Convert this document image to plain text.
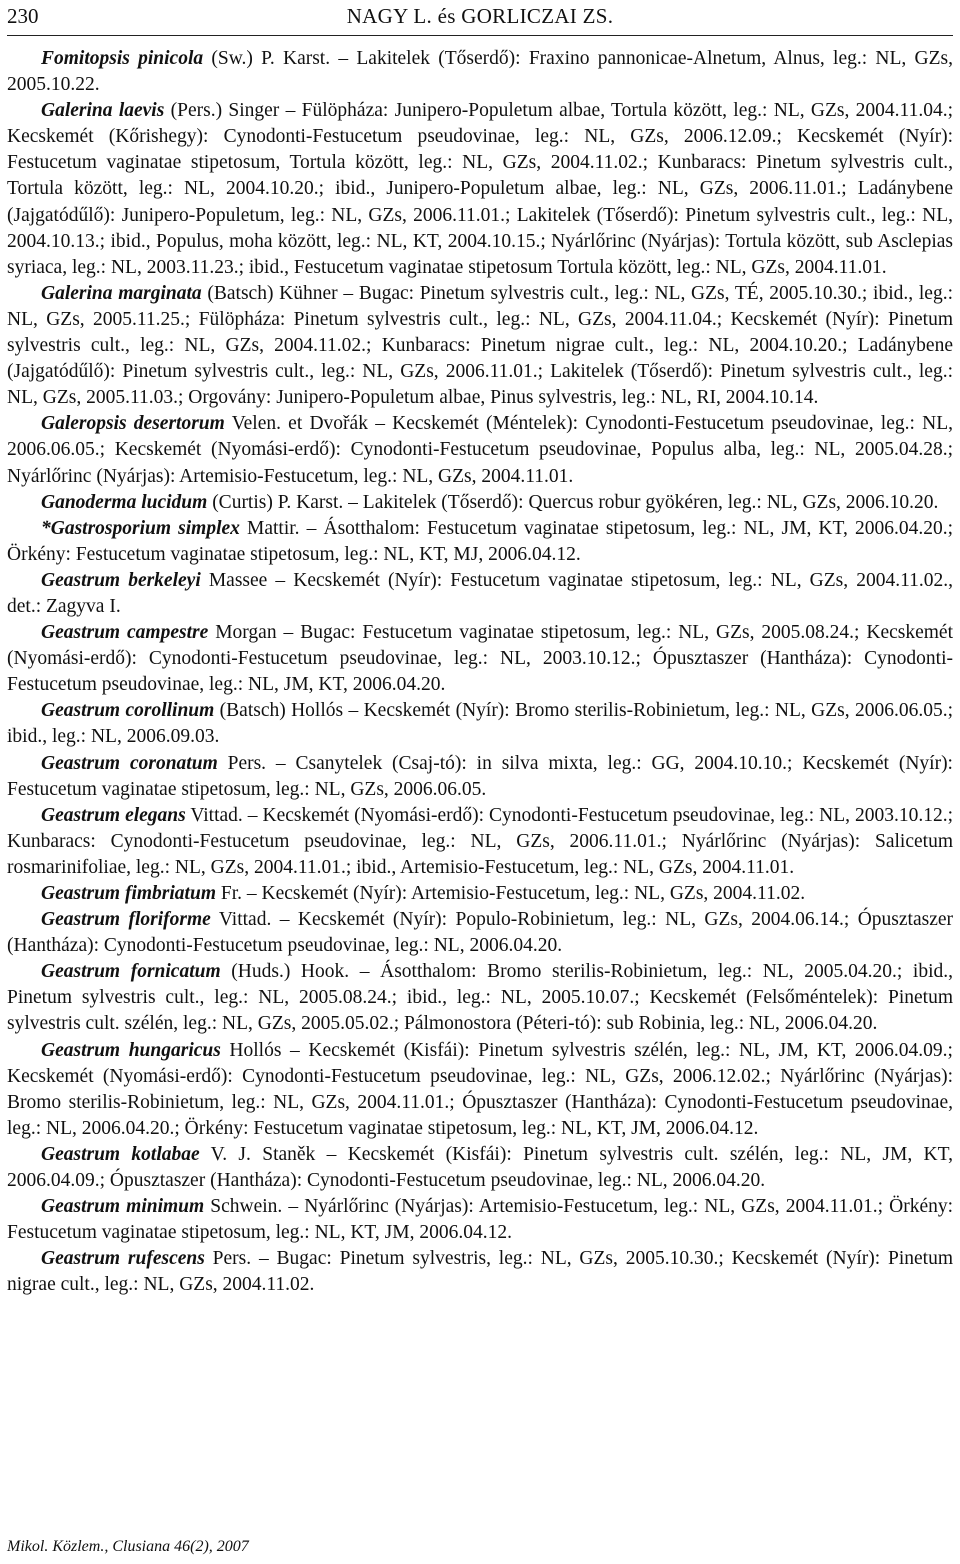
230	NAGY L. és GORLICZAI ZS.

Fomitopsis pinicola (Sw.) P. Karst. – Lakitelek (Tőserdő): Fraxino pannonicae-Alnetum, Alnus, leg.: NL, GZs, 2005.10.22.

Galerina laevis (Pers.) Singer – Fülöpháza: Junipero-Populetum albae, Tortula között, leg.: NL, GZs, 2004.11.04.; Kecskemét (Kőrishegy): Cynodonti-Festucetum pseudovinae, leg.: NL, GZs, 2006.12.09.; Kecskemét (Nyír): Festucetum vaginatae stipetosum, Tortula között, leg.: NL, GZs, 2004.11.02.; Kunbaracs: Pinetum sylvestris cult., Tortula között, leg.: NL, 2004.10.20.; ibid., Junipero-Populetum albae, leg.: NL, GZs, 2006.11.01.; Ladánybene (Jajgatódűlő): Junipero-Populetum, leg.: NL, GZs, 2006.11.01.; Lakitelek (Tőserdő): Pinetum sylvestris cult., leg.: NL, 2004.10.13.; ibid., Populus, moha között, leg.: NL, KT, 2004.10.15.; Nyárlőrinc (Nyárjas): Tortula között, sub Asclepias syriaca, leg.: NL, 2003.11.23.; ibid., Festucetum vaginatae stipetosum Tortula között, leg.: NL, GZs, 2004.11.01.

Galerina marginata (Batsch) Kühner – Bugac: Pinetum sylvestris cult., leg.: NL, GZs, TÉ, 2005.10.30.; ibid., leg.: NL, GZs, 2005.11.25.; Fülöpháza: Pinetum sylvestris cult., leg.: NL, GZs, 2004.11.04.; Kecskemét (Nyír): Pinetum sylvestris cult., leg.: NL, GZs, 2004.11.02.; Kunbaracs: Pinetum nigrae cult., leg.: NL, 2004.10.20.; Ladánybene (Jajgatódűlő): Pinetum sylvestris cult., leg.: NL, GZs, 2006.11.01.; Lakitelek (Tőserdő): Pinetum sylvestris cult., leg.: NL, GZs, 2005.11.03.; Orgovány: Junipero-Populetum albae, Pinus sylvestris, leg.: NL, RI, 2004.10.14.

Galeropsis desertorum Velen. et Dvořák – Kecskemét (Méntelek): Cynodonti-Festucetum pseudovinae, leg.: NL, 2006.06.05.; Kecskemét (Nyomási-erdő): Cynodonti-Festucetum pseudovinae, Populus alba, leg.: NL, 2005.04.28.; Nyárlőrinc (Nyárjas): Artemisio-Festucetum, leg.: NL, GZs, 2004.11.01.

Ganoderma lucidum (Curtis) P. Karst. – Lakitelek (Tőserdő): Quercus robur gyökéren, leg.: NL, GZs, 2006.10.20.

*Gastrosporium simplex Mattir. – Ásotthalom: Festucetum vaginatae stipetosum, leg.: NL, JM, KT, 2006.04.20.; Örkény: Festucetum vaginatae stipetosum, leg.: NL, KT, MJ, 2006.04.12.

Geastrum berkeleyi Massee – Kecskemét (Nyír): Festucetum vaginatae stipetosum, leg.: NL, GZs, 2004.11.02., det.: Zagyva I.

Geastrum campestre Morgan – Bugac: Festucetum vaginatae stipetosum, leg.: NL, GZs, 2005.08.24.; Kecskemét (Nyomási-erdő): Cynodonti-Festucetum pseudovinae, leg.: NL, 2003.10.12.; Ópusztaszer (Hantháza): Cynodonti-Festucetum pseudovinae, leg.: NL, JM, KT, 2006.04.20.

Geastrum corollinum (Batsch) Hollós – Kecskemét (Nyír): Bromo sterilis-Robinietum, leg.: NL, GZs, 2006.06.05.; ibid., leg.: NL, 2006.09.03.

Geastrum coronatum Pers. – Csanytelek (Csaj-tó): in silva mixta, leg.: GG, 2004.10.10.; Kecskemét (Nyír): Festucetum vaginatae stipetosum, leg.: NL, GZs, 2006.06.05.

Geastrum elegans Vittad. – Kecskemét (Nyomási-erdő): Cynodonti-Festucetum pseudovinae, leg.: NL, 2003.10.12.; Kunbaracs: Cynodonti-Festucetum pseudovinae, leg.: NL, GZs, 2006.11.01.; Nyárlőrinc (Nyárjas): Salicetum rosmarinifoliae, leg.: NL, GZs, 2004.11.01.; ibid., Artemisio-Festucetum, leg.: NL, GZs, 2004.11.01.

Geastrum fimbriatum Fr. – Kecskemét (Nyír): Artemisio-Festucetum, leg.: NL, GZs, 2004.11.02.

Geastrum floriforme Vittad. – Kecskemét (Nyír): Populo-Robinietum, leg.: NL, GZs, 2004.06.14.; Ópusztaszer (Hantháza): Cynodonti-Festucetum pseudovinae, leg.: NL, 2006.04.20.

Geastrum fornicatum (Huds.) Hook. – Ásotthalom: Bromo sterilis-Robinietum, leg.: NL, 2005.04.20.; ibid., Pinetum sylvestris cult., leg.: NL, 2005.08.24.; ibid., leg.: NL, 2005.10.07.; Kecskemét (Felsőméntelek): Pinetum sylvestris cult. szélén, leg.: NL, GZs, 2005.05.02.; Pálmonostora (Péteri-tó): sub Robinia, leg.: NL, 2006.04.20.

Geastrum hungaricus Hollós – Kecskemét (Kisfái): Pinetum sylvestris szélén, leg.: NL, JM, KT, 2006.04.09.; Kecskemét (Nyomási-erdő): Cynodonti-Festucetum pseudovinae, leg.: NL, GZs, 2006.12.02.; Nyárlőrinc (Nyárjas): Bromo sterilis-Robinietum, leg.: NL, GZs, 2004.11.01.; Ópusztaszer (Hantháza): Cynodonti-Festucetum pseudovinae, leg.: NL, 2006.04.20.; Örkény: Festucetum vaginatae stipetosum, leg.: NL, KT, JM, 2006.04.12.

Geastrum kotlabae V. J. Staněk – Kecskemét (Kisfái): Pinetum sylvestris cult. szélén, leg.: NL, JM, KT, 2006.04.09.; Ópusztaszer (Hantháza): Cynodonti-Festucetum pseudovinae, leg.: NL, 2006.04.20.

Geastrum minimum Schwein. – Nyárlőrinc (Nyárjas): Artemisio-Festucetum, leg.: NL, GZs, 2004.11.01.; Örkény: Festucetum vaginatae stipetosum, leg.: NL, KT, JM, 2006.04.12.

Geastrum rufescens Pers. – Bugac: Pinetum sylvestris, leg.: NL, GZs, 2005.10.30.; Kecskemét (Nyír): Pinetum nigrae cult., leg.: NL, GZs, 2004.11.02.

Mikol. Közlem., Clusiana 46(2), 2007
